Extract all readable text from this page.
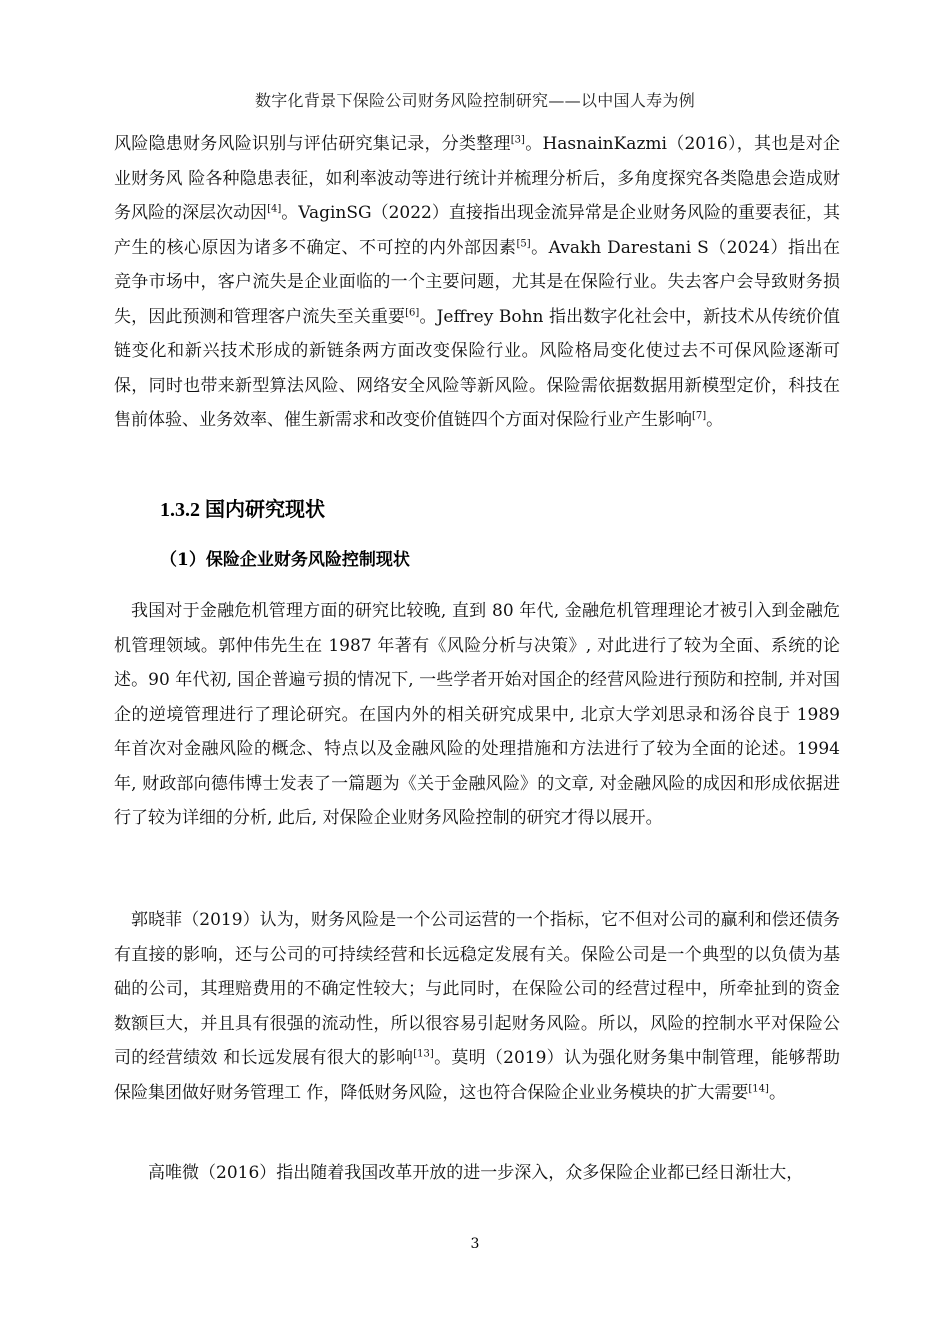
数字化背景下保险公司财务风险控制研究——以中国人寿为例

风险隐患财务风险识别与评估研究集记录，分类整理[3]。HasnainKazmi（2016），其也是对企业财务风 险各种隐患表征，如利率波动等进行统计并梳理分析后，多角度探究各类隐患会造成财务风险的深层次动因[4]。VaginSG（2022）直接指出现金流异常是企业财务风险的重要表征，其 产生的核心原因为诸多不确定、不可控的内外部因素[5]。Avakh Darestani S（2024）指出在竞争市场中，客户流失是企业面临的一个主要问题，尤其是在保险行业。失去客户会导致财务损失，因此预测和管理客户流失至关重要[6]。Jeffrey Bohn 指出数字化社会中，新技术从传统价值链变化和新兴技术形成的新链条两方面改变保险行业。风险格局变化使过去不可保风险逐渐可保，同时也带来新型算法风险、网络安全风险等新风险。保险需依据数据用新模型定价，科技在售前体验、业务效率、催生新需求和改变价值链四个方面对保险行业产生影响[7]。

1.3.2 国内研究现状
（1）保险企业财务风险控制现状

我国对于金融危机管理方面的研究比较晚, 直到 80 年代, 金融危机管理理论才被引入到金融危机管理领域。郭仲伟先生在 1987 年著有《风险分析与决策》, 对此进行了较为全面、系统的论述。90 年代初, 国企普遍亏损的情况下, 一些学者开始对国企的经营风险进行预防和控制, 并对国企的逆境管理进行了理论研究。在国内外的相关研究成果中, 北京大学刘思录和汤谷良于 1989 年首次对金融风险的概念、特点以及金融风险的处理措施和方法进行了较为全面的论述。1994 年, 财政部向德伟博士发表了一篇题为《关于金融风险》的文章, 对金融风险的成因和形成依据进行了较为详细的分析, 此后, 对保险企业财务风险控制的研究才得以展开。

郭晓菲（2019）认为，财务风险是一个公司运营的一个指标，它不但对公司的赢利和偿还债务有直接的影响，还与公司的可持续经营和长远稳定发展有关。保险公司是一个典型的以负债为基础的公司，其理赔费用的不确定性较大；与此同时，在保险公司的经营过程中，所牵扯到的资金数额巨大，并且具有很强的流动性，所以很容易引起财务风险。所以，风险的控制水平对保险公司的经营绩效 和长远发展有很大的影响[13]。莫明（2019）认为强化财务集中制管理，能够帮助保险集团做好财务管理工 作，降低财务风险，这也符合保险企业业务模块的扩大需要[14]。

高唯微（2016）指出随着我国改革开放的进一步深入，众多保险企业都已经日渐壮大，

3
